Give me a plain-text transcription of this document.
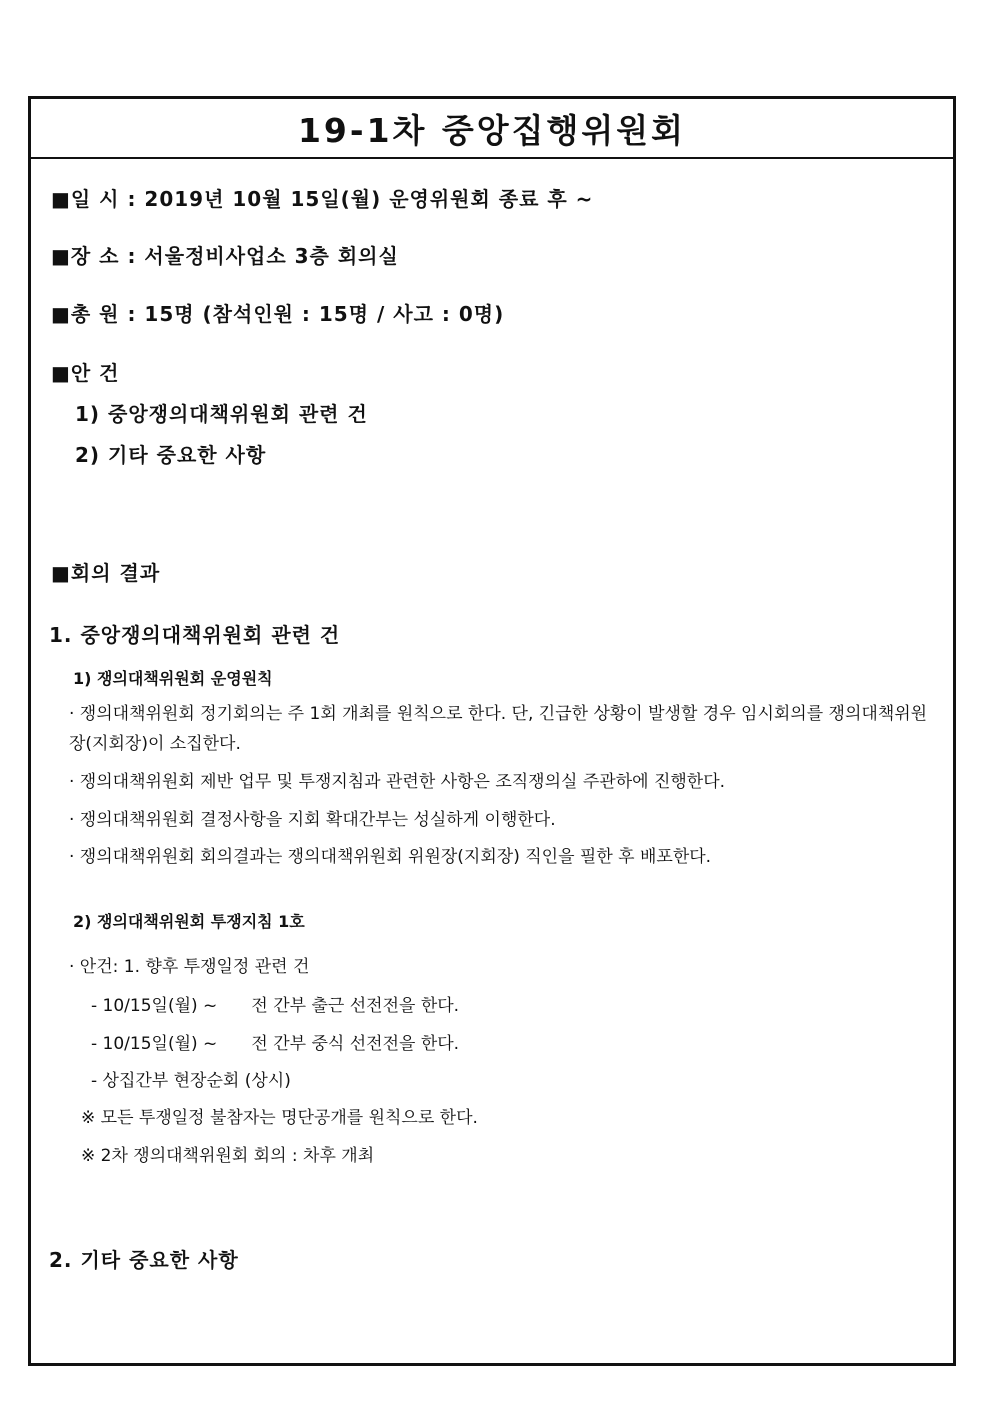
19-1차 중앙집행위원회
■일 시 : 2019년 10월 15일(월) 운영위원회 종료 후 ~
■장 소 : 서울정비사업소 3층 회의실
■총 원 : 15명 (참석인원 : 15명 / 사고 : 0명)
■안 건
1) 중앙쟁의대책위원회 관련 건
2) 기타 중요한 사항
■회의 결과
1. 중앙쟁의대책위원회 관련 건
1) 쟁의대책위원회 운영원칙
· 쟁의대책위원회 정기회의는 주 1회 개최를 원칙으로 한다. 단, 긴급한 상황이 발생할 경우 임시회의를 쟁의대책위원장(지회장)이 소집한다.
· 쟁의대책위원회 제반 업무 및 투쟁지침과 관련한 사항은 조직쟁의실 주관하에 진행한다.
· 쟁의대책위원회 결정사항을 지회 확대간부는 성실하게 이행한다.
· 쟁의대책위원회 회의결과는 쟁의대책위원회 위원장(지회장) 직인을 필한 후 배포한다.
2) 쟁의대책위원회 투쟁지침 1호
· 안건: 1. 향후 투쟁일정 관련 건
- 10/15일(월) ~ 전 간부 출근 선전전을 한다.
- 10/15일(월) ~ 전 간부 중식 선전전을 한다.
- 상집간부 현장순회 (상시)
※ 모든 투쟁일정 불참자는 명단공개를 원칙으로 한다.
※ 2차 쟁의대책위원회 회의 : 차후 개최
2. 기타 중요한 사항
